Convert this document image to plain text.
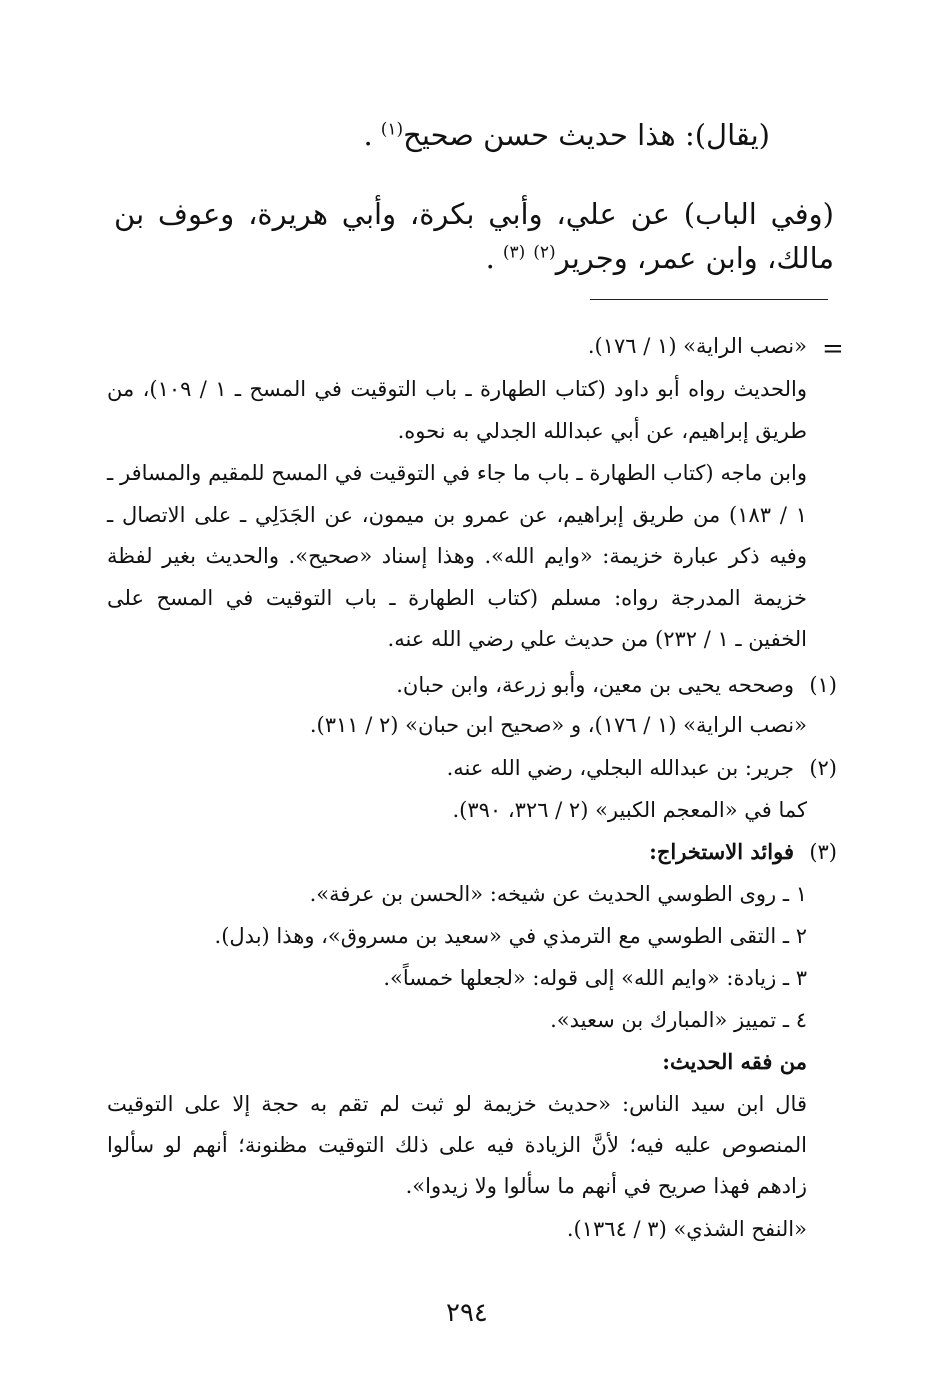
(يقال): هذا حديث حسن صحيح$^{(١)}$.
(وفي الباب) عن علي، وأبي بكرة، وأبي هريرة، وعوف بن مالك، وابن عمر، وجرير$^{(٢)(٣)}$.
=
«نصب الراية» (١ / ١٧٦).
والحديث رواه أبو داود (كتاب الطهارة ـ باب التوقيت في المسح ـ ١ / ١٠٩)، من طريق إبراهيم، عن أبي عبدالله الجدلي به نحوه.
وابن ماجه (كتاب الطهارة ـ باب ما جاء في التوقيت في المسح للمقيم والمسافر ـ ١ / ١٨٣) من طريق إبراهيم، عن عمرو بن ميمون، عن الجَدَلِي ـ على الاتصال ـ وفيه ذكر عبارة خزيمة: «وايم الله». وهذا إسناد «صحيح». والحديث بغير لفظة خزيمة المدرجة رواه: مسلم (كتاب الطهارة ـ باب التوقيت في المسح على الخفين ـ ١ / ٢٣٢) من حديث علي رضي الله عنه.
(١)
وصححه يحيى بن معين، وأبو زرعة، وابن حبان.
«نصب الراية» (١ / ١٧٦)، و «صحيح ابن حبان» (٢ / ٣١١).
(٢)
جرير: بن عبدالله البجلي، رضي الله عنه.
كما في «المعجم الكبير» (٢ / ٣٢٦، ٣٩٠).
(٣)
فوائد الاستخراج:
١ ـ روى الطوسي الحديث عن شيخه: «الحسن بن عرفة».
٢ ـ التقى الطوسي مع الترمذي في «سعيد بن مسروق»، وهذا (بدل).
٣ ـ زيادة: «وايم الله» إلى قوله: «لجعلها خمساً».
٤ ـ تمييز «المبارك بن سعيد».
من فقه الحديث:
قال ابن سيد الناس: «حديث خزيمة لو ثبت لم تقم به حجة إلا على التوقيت المنصوص عليه فيه؛ لأنَّ الزيادة فيه على ذلك التوقيت مظنونة؛ أنهم لو سألوا زادهم فهذا صريح في أنهم ما سألوا ولا زيدوا».
«النفح الشذي» (٣ / ١٣٦٤).
٢٩٤
